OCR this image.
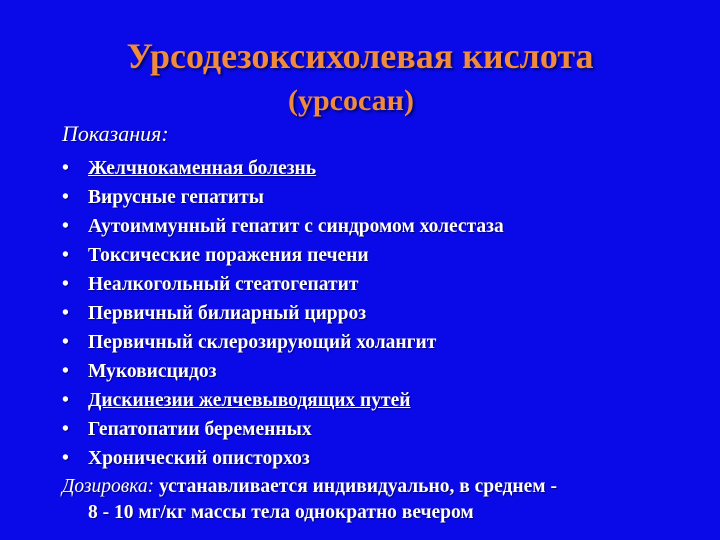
Урсодезоксихолевая кислота
(урсосан)
Показания:
• Желчнокаменная болезнь
• Вирусные гепатиты
• Аутоиммунный гепатит с синдромом холестаза
• Токсические поражения печени
• Неалкогольный стеатогепатит
• Первичный билиарный цирроз
• Первичный склерозирующий холангит
• Муковисцидоз
• Дискинезии желчевыводящих путей
• Гепатопатии беременных
• Хронический описторхоз
Дозировка: устанавливается индивидуально, в среднем -
8 - 10 мг/кг массы тела однократно вечером
